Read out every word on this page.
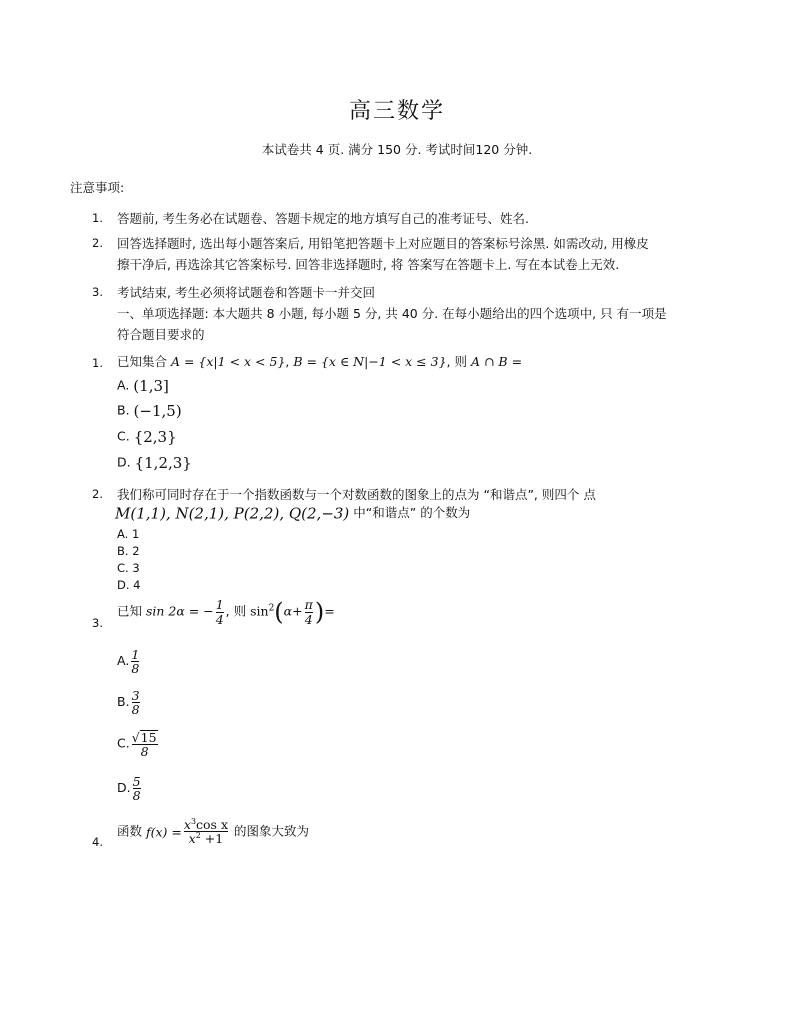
高三数学
本试卷共 4 页. 满分 150 分. 考试时间120 分钟.
注意事项:
1. 答题前, 考生务必在试题卷、答题卡规定的地方填写自己的准考证号、姓名.
2. 回答选择题时, 选出每小题答案后, 用铅笔把答题卡上对应题目的答案标号涂黑. 如需改动, 用橡皮
擦干净后, 再选涂其它答案标号. 回答非选择题时, 将 答案写在答题卡上. 写在本试卷上无效.
3. 考试结束, 考生必须将试题卷和答题卡一并交回
一、单项选择题: 本大题共 8 小题, 每小题 5 分, 共 40 分. 在每小题给出的四个选项中, 只 有一项是
符合题目要求的
1. 已知集合 A = {x|1 < x < 5}, B = {x ∈ N|−1 < x ≤ 3}, 则 A ∩ B =
A. (1,3]
B. (−1,5)
C. {2,3}
D. {1,2,3}
2. 我们称可同时存在于一个指数函数与一个对数函数的图象上的点为 “和谐点”, 则四个 点
M(1,1), N(2,1), P(2,2), Q(2,−3) 中“和谐点” 的个数为
A. 1
B. 2
C. 3
D. 4
3.
已知 sin 2α = − $\frac{1}{4}$ , 则 $\sin^2(\alpha+ \frac{\pi}{4}$ )=
A. $\frac{1}{8}$
B. $\frac{3}{8}$
C. $\frac{√15}{8}$
D. $\frac{5}{8}$
4.
函数 $f(x) = \frac{x^3\cos x}{x^2 +1}$ 的图象大致为
